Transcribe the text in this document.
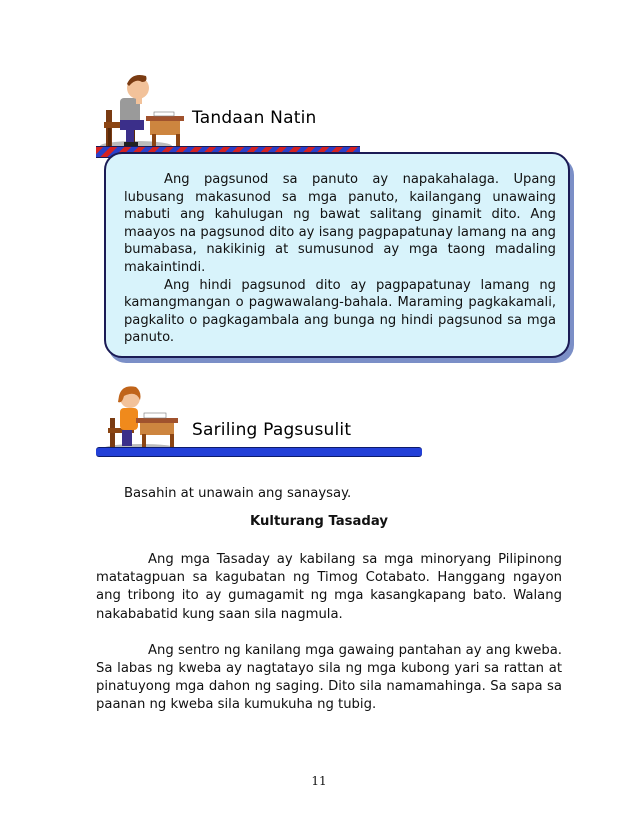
Tandaan Natin

Ang pagsunod sa panuto ay napakahalaga. Upang lubusang makasunod sa mga panuto, kailangang unawaing mabuti ang kahulugan ng bawat salitang ginamit dito. Ang maayos na pagsunod dito ay isang pagpapatunay lamang na ang bumabasa, nakikinig at sumusunod ay mga taong madaling makaintindi.

Ang hindi pagsunod dito ay pagpapatunay lamang ng kamangmangan o pagwawalang-bahala. Maraming pagkakamali, pagkalito o pagkagambala ang bunga ng hindi pagsunod sa mga panuto.

Sariling Pagsusulit
Basahin at unawain ang sanaysay.
Kulturang Tasaday

Ang mga Tasaday ay kabilang sa mga minoryang Pilipinong matatagpuan sa kagubatan ng Timog Cotabato. Hanggang ngayon ang tribong ito ay gumagamit ng mga kasangkapang bato. Walang nakababatid kung saan sila nagmula.

Ang sentro ng kanilang mga gawaing pantahan ay ang kweba. Sa labas ng kweba ay nagtatayo sila ng mga kubong yari sa rattan at pinatuyong mga dahon ng saging. Dito sila namamahinga. Sa sapa sa paanan ng kweba sila kumukuha ng tubig.

11
